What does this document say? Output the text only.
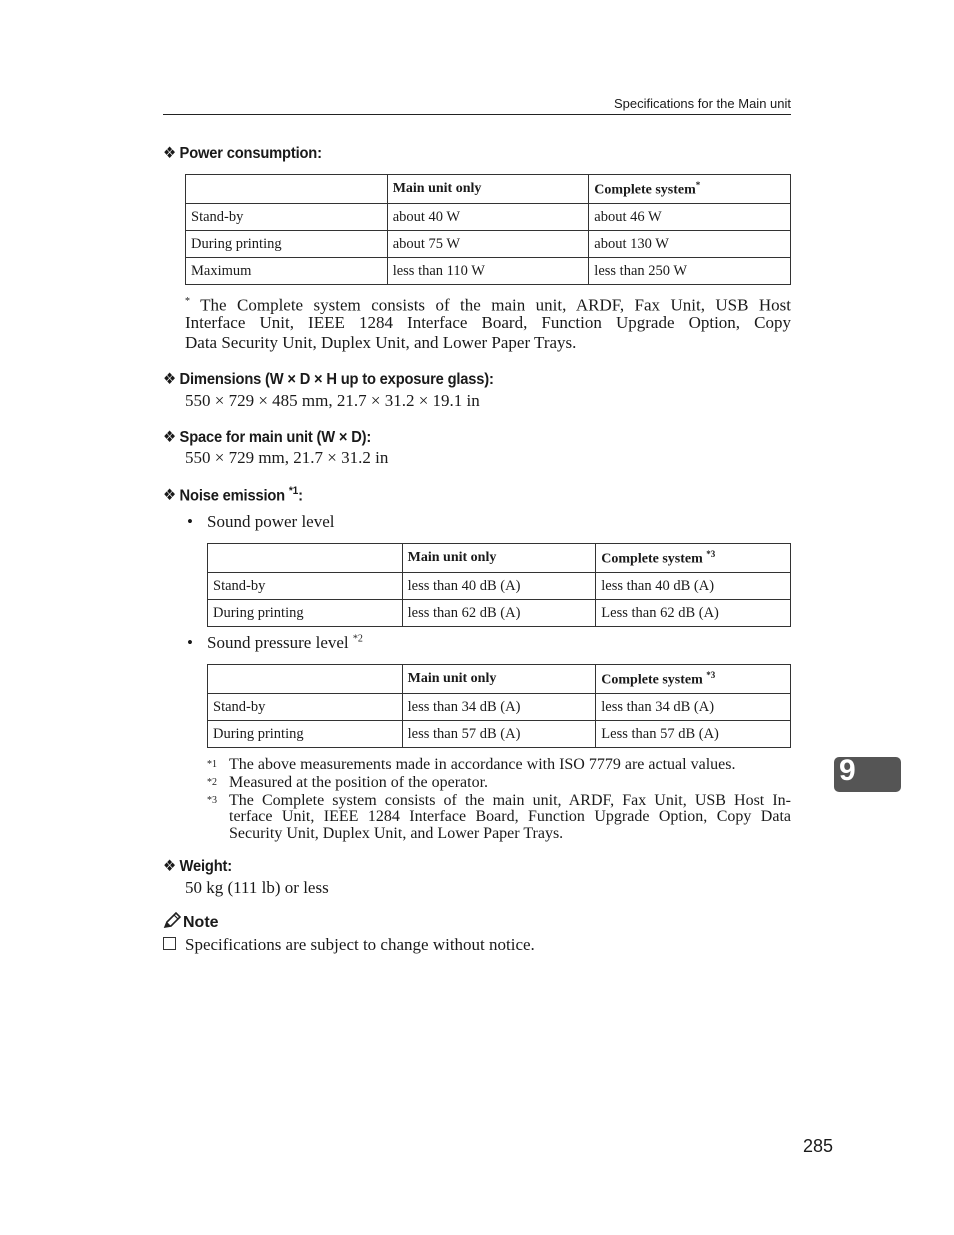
Specifications for the Main unit
❖ Power consumption:
	Main unit only	Complete system*
Stand-by	about 40 W	about 46 W
During printing	about 75 W	about 130 W
Maximum	less than 110 W	less than 250 W
* The Complete system consists of the main unit, ARDF, Fax Unit, USB Host
Interface Unit, IEEE 1284 Interface Board, Function Upgrade Option, Copy
Data Security Unit, Duplex Unit, and Lower Paper Trays.
❖ Dimensions (W × D × H up to exposure glass):
550 × 729 × 485 mm, 21.7 × 31.2 × 19.1 in
❖ Space for main unit (W × D):
550 × 729 mm, 21.7 × 31.2 in
❖ Noise emission $^{*1}$:
• Sound power level
	Main unit only	Complete system $^{*3}$
Stand-by	less than 40 dB (A)	less than 40 dB (A)
During printing	less than 62 dB (A)	Less than 62 dB (A)
• Sound pressure level $^{*2}$
	Main unit only	Complete system $^{*3}$
Stand-by	less than 34 dB (A)	less than 34 dB (A)
During printing	less than 57 dB (A)	Less than 57 dB (A)
$^{*1}$ The above measurements made in accordance with ISO 7779 are actual values.
$^{*2}$ Measured at the position of the operator.
$^{*3}$ The Complete system consists of the main unit, ARDF, Fax Unit, USB Host In-
terface Unit, IEEE 1284 Interface Board, Function Upgrade Option, Copy Data
Security Unit, Duplex Unit, and Lower Paper Trays.
❖ Weight:
50 kg (111 lb) or less
Note
Specifications are subject to change without notice.
9
285
